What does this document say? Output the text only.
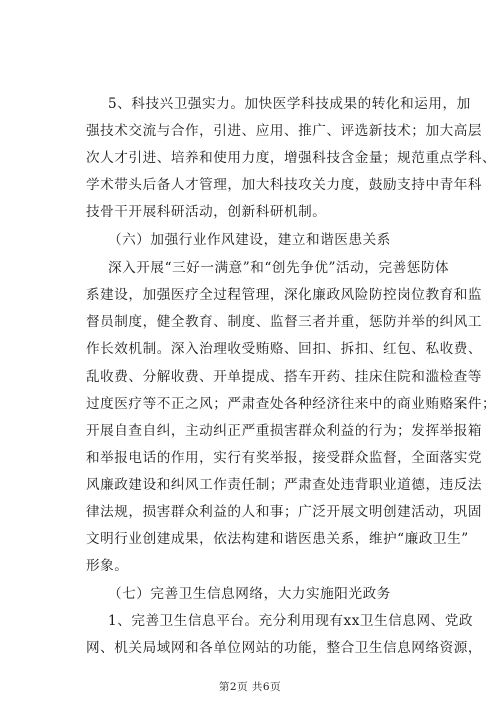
5、科技兴卫强实力。加快医学科技成果的转化和运用，加
强技术交流与合作，引进、应用、推广、评选新技术；加大高层
次人才引进、培养和使用力度，增强科技含金量；规范重点学科、
学术带头后备人才管理，加大科技攻关力度，鼓励支持中青年科
技骨干开展科研活动，创新科研机制。
（六）加强行业作风建设，建立和谐医患关系
深入开展“三好一满意”和“创先争优”活动，完善惩防体
系建设，加强医疗全过程管理，深化廉政风险防控岗位教育和监
督员制度，健全教育、制度、监督三者并重，惩防并举的纠风工
作长效机制。深入治理收受贿赂、回扣、拆扣、红包、私收费、
乱收费、分解收费、开单提成、搭车开药、挂床住院和滥检查等
过度医疗等不正之风；严肃查处各种经济往来中的商业贿赂案件；
开展自查自纠，主动纠正严重损害群众利益的行为；发挥举报箱
和举报电话的作用，实行有奖举报，接受群众监督，全面落实党
风廉政建设和纠风工作责任制；严肃查处违背职业道德，违反法
律法规，损害群众利益的人和事；广泛开展文明创建活动，巩固
文明行业创建成果，依法构建和谐医患关系，维护“廉政卫生”
形象。
（七）完善卫生信息网络，大力实施阳光政务
1、完善卫生信息平台。充分利用现有xx卫生信息网、党政
网、机关局域网和各单位网站的功能，整合卫生信息网络资源，
第2页 共6页
